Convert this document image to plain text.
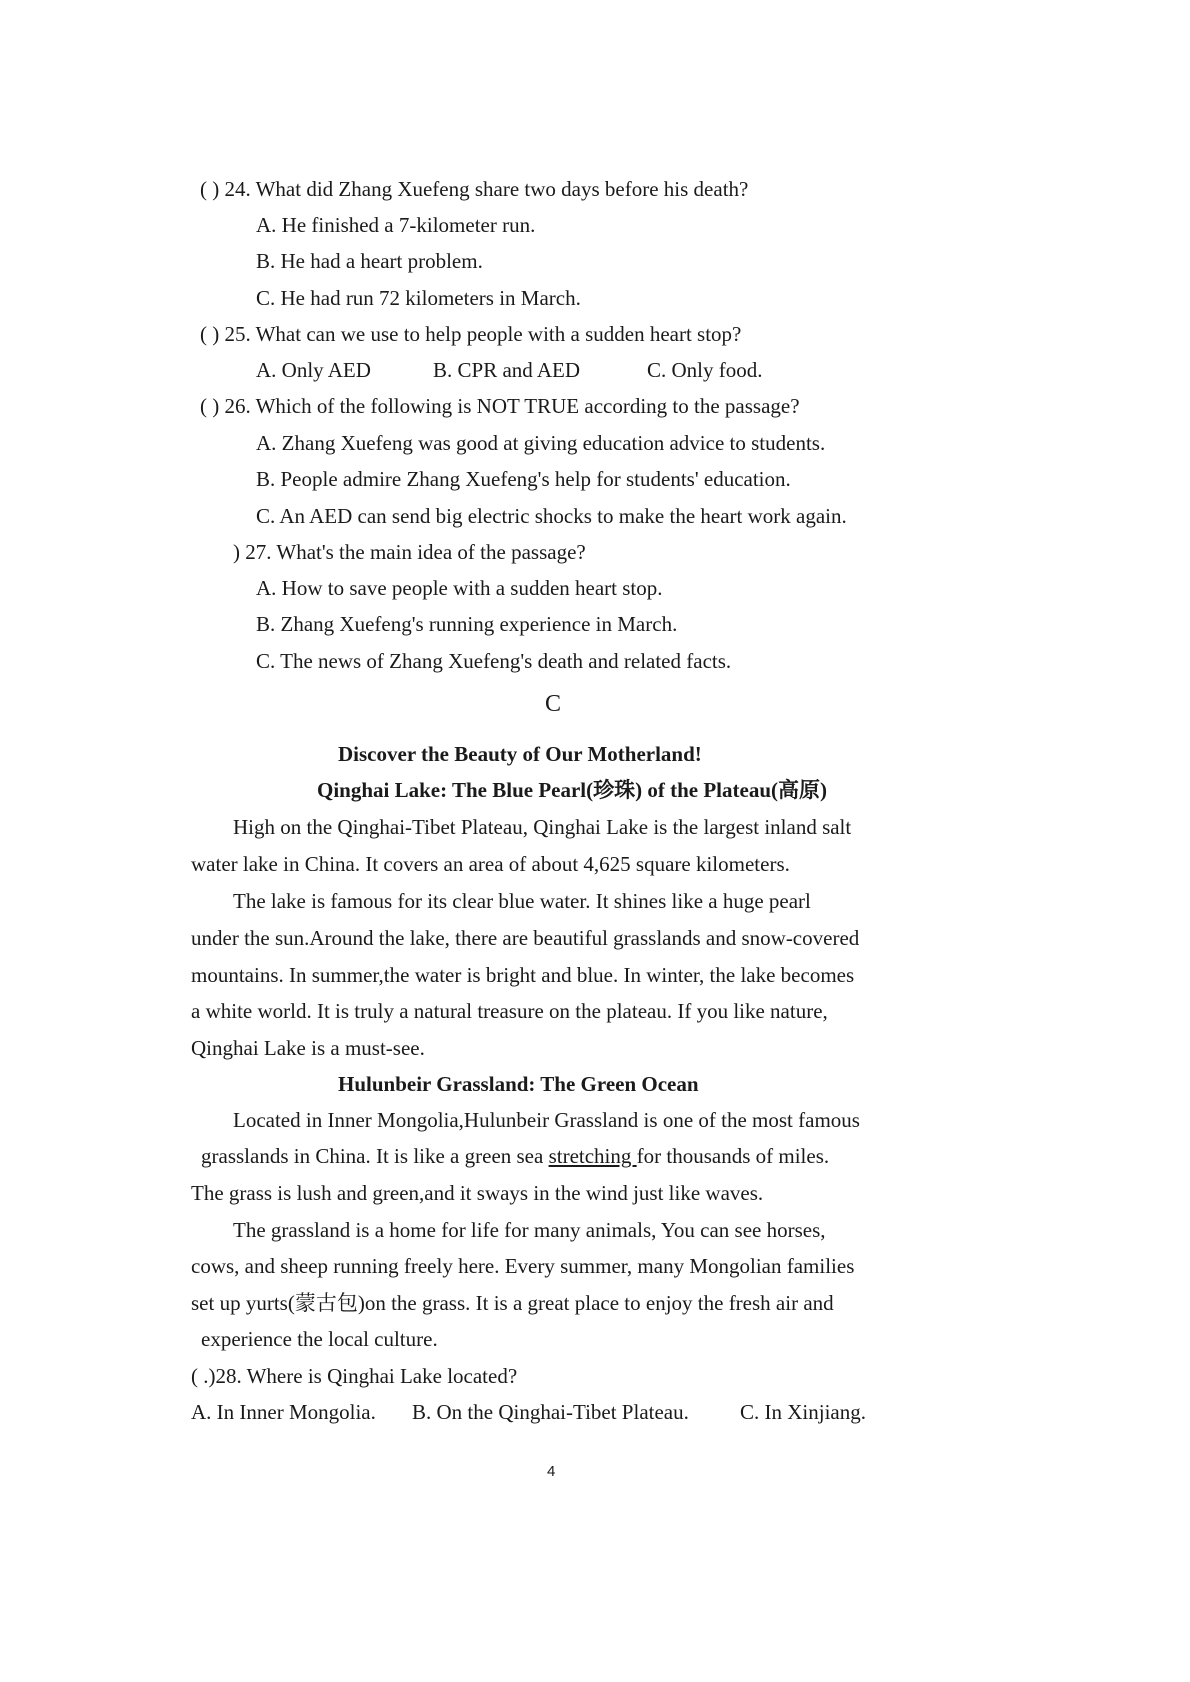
( ) 24. What did Zhang Xuefeng share two days before his death?
A. He finished a 7-kilometer run.
B. He had a heart problem.
C. He had run 72 kilometers in March.
( ) 25. What can we use to help people with a sudden heart stop?
A. Only AED	B. CPR and AED	C. Only food.
( ) 26. Which of the following is NOT TRUE according to the passage?
A. Zhang Xuefeng was good at giving education advice to students.
B. People admire Zhang Xuefeng's help for students' education.
C. An AED can send big electric shocks to make the heart work again.
) 27. What's the main idea of the passage?
A. How to save people with a sudden heart stop.
B. Zhang Xuefeng's running experience in March.
C. The news of Zhang Xuefeng's death and related facts.
C
Discover the Beauty of Our Motherland!
Qinghai Lake: The Blue Pearl(珍珠) of the Plateau(高原)
High on the Qinghai-Tibet Plateau, Qinghai Lake is the largest inland salt
water lake in China. It covers an area of about 4,625 square kilometers.
The lake is famous for its clear blue water. It shines like a huge pearl
under the sun.Around the lake, there are beautiful grasslands and snow-covered
mountains. In summer,the water is bright and blue. In winter, the lake becomes
a white world. It is truly a natural treasure on the plateau. If you like nature,
Qinghai Lake is a must-see.
Hulunbeir Grassland: The Green Ocean
Located in Inner Mongolia,Hulunbeir Grassland is one of the most famous
grasslands in China. It is like a green sea stretching for thousands of miles.
The grass is lush and green,and it sways in the wind just like waves.
The grassland is a home for life for many animals, You can see horses,
cows, and sheep running freely here. Every summer, many Mongolian families
set up yurts(蒙古包)on the grass. It is a great place to enjoy the fresh air and
experience the local culture.
( .)28. Where is Qinghai Lake located?
A. In Inner Mongolia. B. On the Qinghai-Tibet Plateau. C. In Xinjiang.
4
